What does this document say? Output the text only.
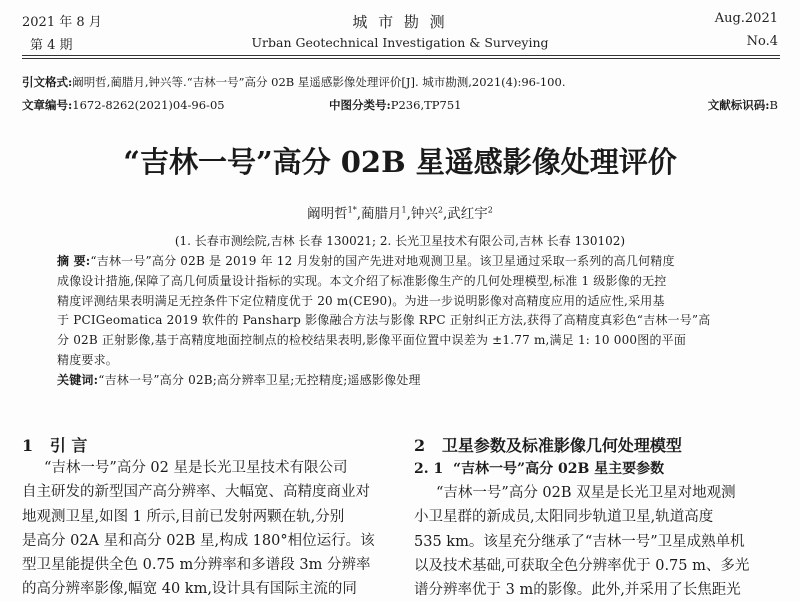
2021 年 8 月
第 4 期
城 市 勘 测
Urban Geotechnical Investigation & Surveying
Aug.2021
No.4
引文格式:阚明哲,蔺腊月,钟兴等.“吉林一号”高分 02B 星遥感影像处理评价[J]. 城市勘测,2021(4):96-100.
文章编号:1672-8262(2021)04-96-05	中图分类号:P236,TP751	文献标识码:B
“吉林一号”高分 02B 星遥感影像处理评价
阚明哲$^{1*}$,蔺腊月$^1$,钟兴$^2$,武红宇$^2$
(1. 长春市测绘院,吉林 长春 130021; 2. 长光卫星技术有限公司,吉林 长春 130102)

摘 要:“吉林一号”高分 02B 是 2019 年 12 月发射的国产先进对地观测卫星。该卫星通过采取一系列的高几何精度

成像设计措施,保障了高几何质量设计指标的实现。本文介绍了标准影像生产的几何处理模型,标准 1 级影像的无控

精度评测结果表明满足无控条件下定位精度优于 20 m(CE90)。为进一步说明影像对高精度应用的适应性,采用基

于 PCIGeomatica 2019 软件的 Pansharp 影像融合方法与影像 RPC 正射纠正方法,获得了高精度真彩色“吉林一号”高

分 02B 正射影像,基于高精度地面控制点的检校结果表明,影像平面位置中误差为 ±1.77 m,满足 1: 10 000图的平面

精度要求。

关键词:“吉林一号”高分 02B;高分辨率卫星;无控精度;遥感影像处理

1 引 言

“吉林一号”高分 02 星是长光卫星技术有限公司

自主研发的新型国产高分辨率、大幅宽、高精度商业对

地观测卫星,如图 1 所示,目前已发射两颗在轨,分别

是高分 02A 星和高分 02B 星,构成 180°相位运行。该

型卫星能提供全色 0.75 m分辨率和多谱段 3m 分辨率

的高分辨率影像,幅宽 40 km,设计具有国际主流的同

2 卫星参数及标准影像几何处理模型
2. 1 “吉林一号”高分 02B 星主要参数

“吉林一号”高分 02B 双星是长光卫星对地观测

小卫星群的新成员,太阳同步轨道卫星,轨道高度

535 km。该星充分继承了“吉林一号”卫星成熟单机

以及技术基础,可获取全色分辨率优于 0.75 m、多光

谱分辨率优于 3 m的影像。此外,并采用了长焦距光
